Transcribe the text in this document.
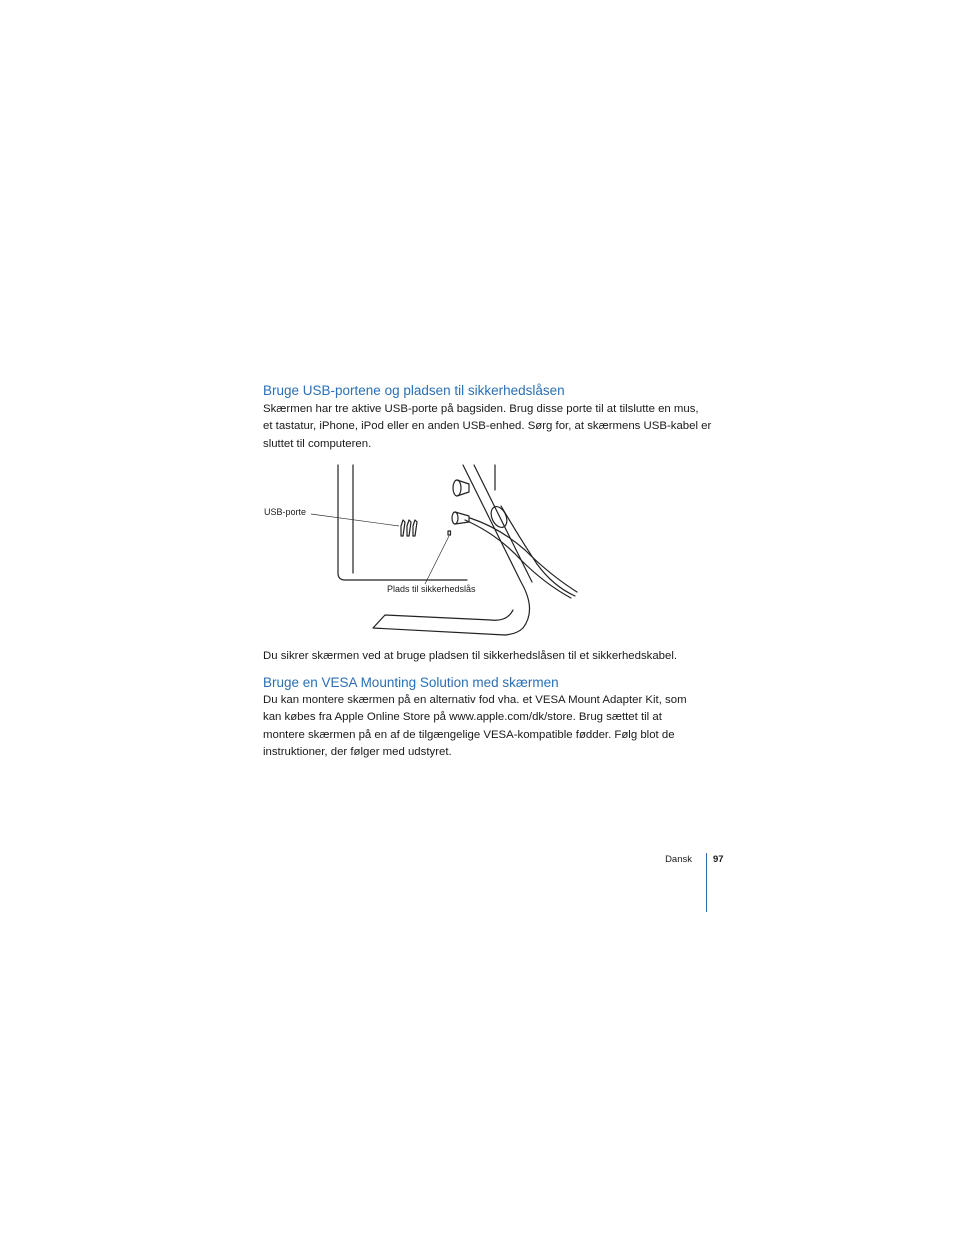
Bruge USB-portene og pladsen til sikkerhedslåsen

Skærmen har tre aktive USB-porte på bagsiden. Brug disse porte til at tilslutte en mus,
et tastatur, iPhone, iPod eller en anden USB-enhed. Sørg for, at skærmens USB-kabel er
sluttet til computeren.

USB-porte
Plads til sikkerhedslås

Du sikrer skærmen ved at bruge pladsen til sikkerhedslåsen til et sikkerhedskabel.

Bruge en VESA Mounting Solution med skærmen

Du kan montere skærmen på en alternativ fod vha. et VESA Mount Adapter Kit, som
kan købes fra Apple Online Store på www.apple.com/dk/store. Brug sættet til at
montere skærmen på en af de tilgængelige VESA-kompatible fødder. Følg blot de
instruktioner, der følger med udstyret.

Dansk 97
